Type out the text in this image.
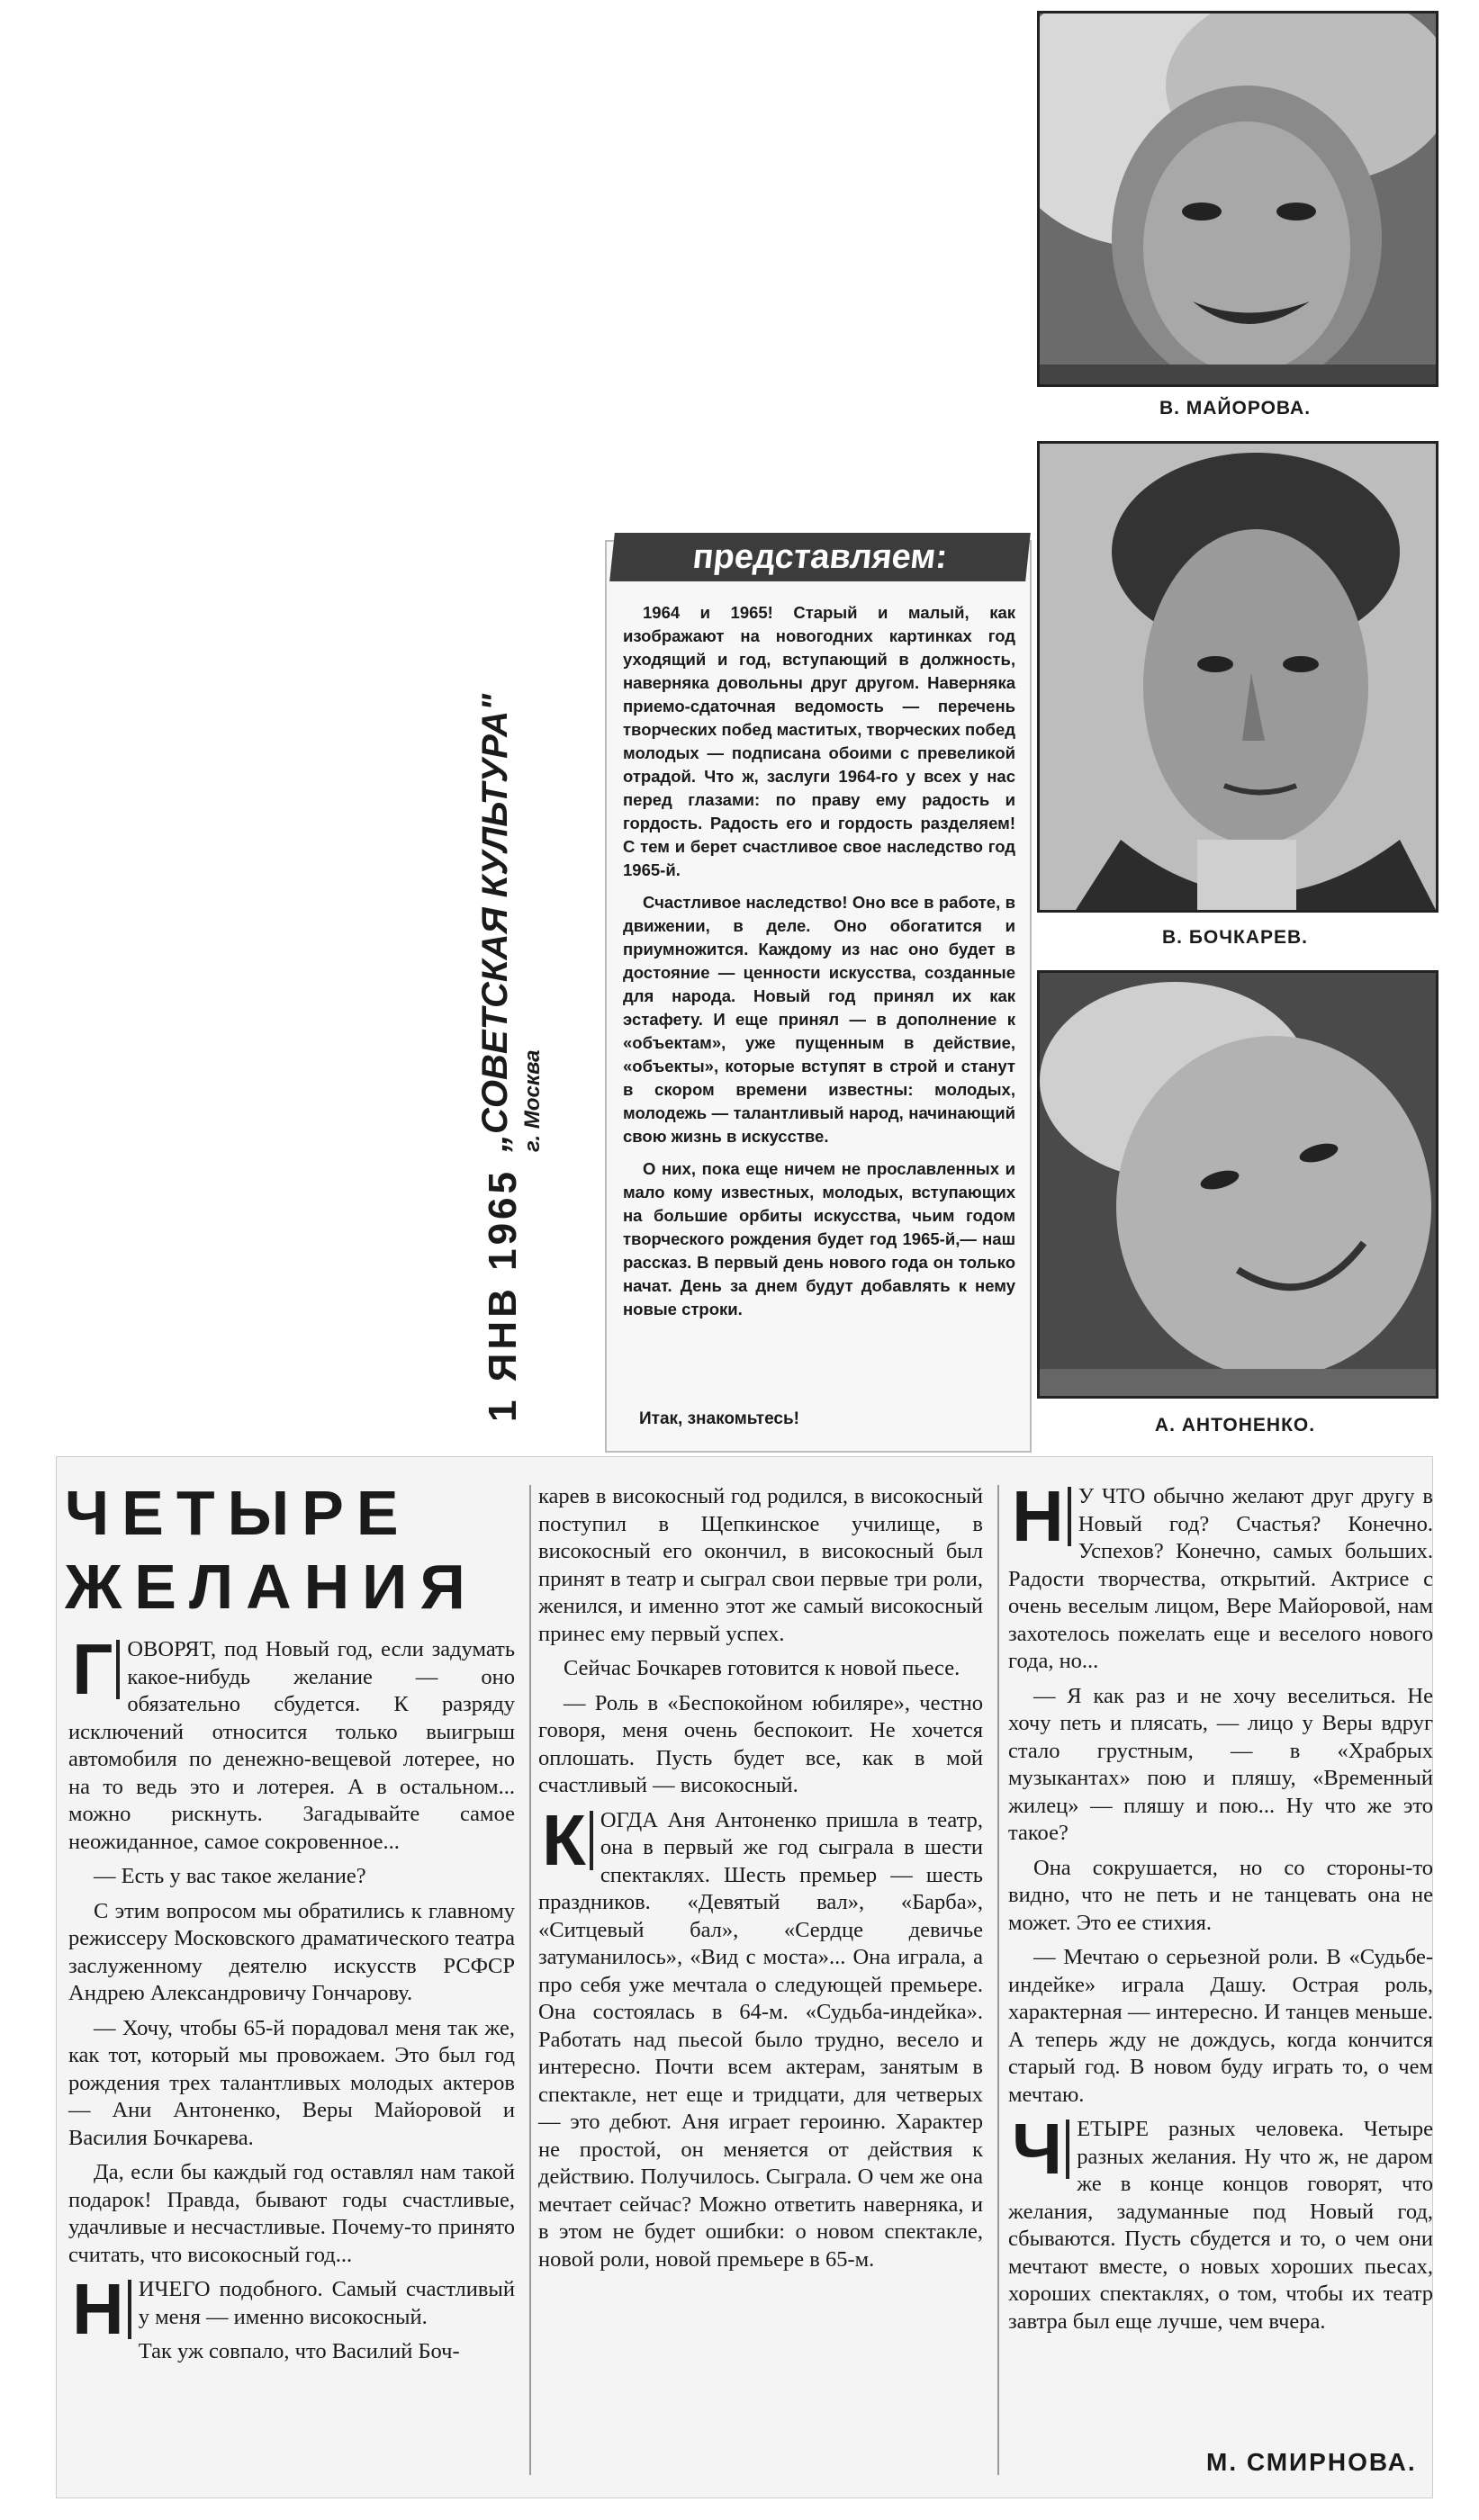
В. МАЙОРОВА.
В. БОЧКАРЕВ.
А. АНТОНЕНКО.
„СОВЕТСКАЯ КУЛЬТУРА" г. Москва
1 ЯНВ 1965
представляем:

1964 и 1965! Старый и малый, как изображают на новогодних картинках год уходящий и год, вступающий в должность, наверняка довольны друг другом. Наверняка приемо-сдаточная ведомость — перечень творческих побед маститых, творческих побед молодых — подписана обоими с превеликой отрадой. Что ж, заслуги 1964-го у всех у нас перед глазами: по праву ему радость и гордость. Радость его и гордость разделяем! С тем и берет счастливое свое наследство год 1965-й.

Счастливое наследство! Оно все в работе, в движении, в деле. Оно обогатится и приумножится. Каждому из нас оно будет в достояние — ценности искусства, созданные для народа. Новый год принял их как эстафету. И еще принял — в дополнение к «объектам», уже пущенным в действие, «объекты», которые вступят в строй и станут в скором времени известны: молодых, молодежь — талантливый народ, начинающий свою жизнь в искусстве.

О них, пока еще ничем не прославленных и мало кому известных, молодых, вступающих на большие орбиты искусства, чьим годом творческого рождения будет год 1965-й,— наш рассказ. В первый день нового года он только начат. День за днем будут добавлять к нему новые строки.

Итак, знакомьтесь!
ЧЕТЫРЕ
ЖЕЛАНИЯ

Г ОВОРЯТ, под Новый год, если задумать какое-нибудь желание — оно обязательно сбудется. К разряду исключений относится только выигрыш автомобиля по денежно-вещевой лотерее, но на то ведь это и лотерея. А в остальном... можно рискнуть. Загадывайте самое неожиданное, самое сокровенное...

— Есть у вас такое желание?

С этим вопросом мы обратились к главному режиссеру Московского драматического театра заслуженному деятелю искусств РСФСР Андрею Александровичу Гончарову.

— Хочу, чтобы 65-й порадовал меня так же, как тот, который мы провожаем. Это был год рождения трех талантливых молодых актеров — Ани Антоненко, Веры Майоровой и Василия Бочкарева.

Да, если бы каждый год оставлял нам такой подарок! Правда, бывают годы счастливые, удачливые и несчастливые. Почему-то принято считать, что високосный год...

Н ИЧЕГО подобного. Самый счастливый у меня — именно високосный.

Так уж совпало, что Василий Боч-

карев в високосный год родился, в високосный поступил в Щепкинское училище, в високосный его окончил, в високосный был принят в театр и сыграл свои первые три роли, женился, и именно этот же самый високосный принес ему первый успех.

Сейчас Бочкарев готовится к новой пьесе.

— Роль в «Беспокойном юбиляре», честно говоря, меня очень беспокоит. Не хочется оплошать. Пусть будет все, как в мой счастливый — високосный.

К ОГДА Аня Антоненко пришла в театр, она в первый же год сыграла в шести спектаклях. Шесть премьер — шесть праздников. «Девятый вал», «Барба», «Ситцевый бал», «Сердце девичье затуманилось», «Вид с моста»... Она играла, а про себя уже мечтала о следующей премьере. Она состоялась в 64-м. «Судьба-индейка». Работать над пьесой было трудно, весело и интересно. Почти всем актерам, занятым в спектакле, нет еще и тридцати, для четверых — это дебют. Аня играет героиню. Характер не простой, он меняется от действия к действию. Получилось. Сыграла. О чем же она мечтает сейчас? Можно ответить наверняка, и в этом не будет ошибки: о новом спектакле, новой роли, новой премьере в 65-м.

Н У ЧТО обычно желают друг другу в Новый год? Счастья? Конечно. Успехов? Конечно, самых больших. Радости творчества, открытий. Актрисе с очень веселым лицом, Вере Майоровой, нам захотелось пожелать еще и веселого нового года, но...

— Я как раз и не хочу веселиться. Не хочу петь и плясать, — лицо у Веры вдруг стало грустным, — в «Храбрых музыкантах» пою и пляшу, «Временный жилец» — пляшу и пою... Ну что же это такое?

Она сокрушается, но со стороны-то видно, что не петь и не танцевать она не может. Это ее стихия.

— Мечтаю о серьезной роли. В «Судьбе-индейке» играла Дашу. Острая роль, характерная — интересно. И танцев меньше. А теперь жду не дождусь, когда кончится старый год. В новом буду играть то, о чем мечтаю.

Ч ЕТЫРЕ разных человека. Четыре разных желания. Ну что ж, не даром же в конце концов говорят, что желания, задуманные под Новый год, сбываются. Пусть сбудется и то, о чем они мечтают вместе, о новых хороших пьесах, хороших спектаклях, о том, чтобы их театр завтра был еще лучше, чем вчера.

М. СМИРНОВА.
